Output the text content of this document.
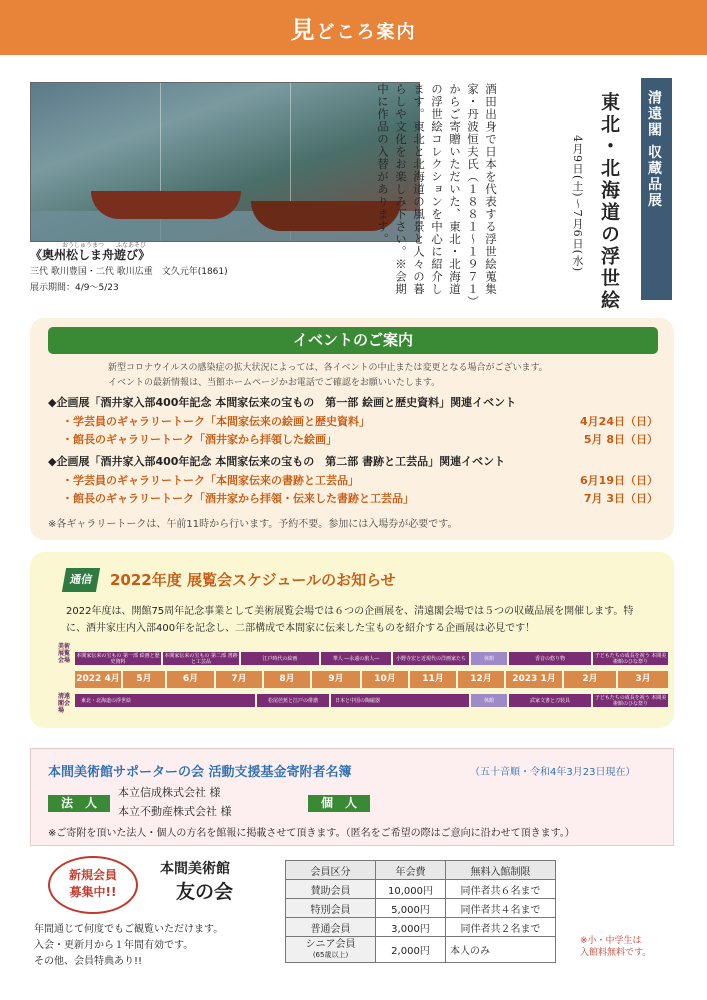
見どころ案内
おうしゅうまつ　　 ふなあそび
《奥州松しま舟遊び》
三代 歌川豊国・二代 歌川広重　文久元年(1861)
展示期間：4/9～5/23	酒田出身で日本を代表する浮世絵蒐集家・丹波恒夫氏（１８８１～１９７１）からご寄贈いただいた、東北・北海道の浮世絵コレクションを中心に紹介します。東北と北海道の風景と人々の暮らしや文化をお楽しみ下さい。※会期中に作品の入替があります。	東北・北海道の浮世絵
4月9日(土)～7月6日(水)	清遠閣 収蔵品展
イベントのご案内
新型コロナウイルスの感染症の拡大状況によっては、各イベントの中止または変更となる場合がございます。
イベントの最新情報は、当館ホームページかお電話でご確認をお願いいたします。
◆企画展「酒井家入部400年記念 本間家伝来の宝もの　第一部 絵画と歴史資料」関連イベント
・学芸員のギャラリートーク「本間家伝来の絵画と歴史資料」	4月24日（日）
・館長のギャラリートーク「酒井家から拝領した絵画」	5月 8日（日）
◆企画展「酒井家入部400年記念 本間家伝来の宝もの　第二部 書跡と工芸品」関連イベント
・学芸員のギャラリートーク「本間家伝来の書跡と工芸品」	6月19日（日）
・館長のギャラリートーク「酒井家から拝領・伝来した書跡と工芸品」	7月 3日（日）
※各ギャラリートークは、午前11時から行います。予約不要。参加には入場券が必要です。
通信	2022年度 展覧会スケジュールのお知らせ
2022年度は、開館75周年記念事業として美術展覧会場では６つの企画展を、清遠閣会場では５つの収蔵品展を開催します。特に、酒井家庄内入部400年を記念し、二部構成で本間家に伝来した宝ものを紹介する企画展は必見です！
美術展覧会場
清遠閣会場
本間家伝来の宝もの 第一部 絵画と歴史資料
本間家伝来の宝もの 第二部 書跡と工芸品	江戸時代の絵画	華人 ―永遠の旅人―	小野寺宏と近現代の洋画家たち	休館	香音の悠り物	子どもたちの成長を祝う 本間美術館のひな祭り
2022 4月	5月	6月	7月	8月	9月	10月	11月	12月	2023 1月	2月	3月
東北・北海道の浮世絵	松尾芭蕉と江戸の俳諧	日本と中国の陶磁器	休館	武家文書と刀装具	子どもたちの成長を祝う 本間美術館のひな祭り
本間美術館サポーターの会 活動支援基金寄附者名簿	（五十音順・令和4年3月23日現在）
法　人
本立信成株式会社 様
本立不動産株式会社 様
個　人
※ご寄附を頂いた法人・個人の方名を館報に掲載させて頂きます。（匿名をご希望の際はご意向に沿わせて頂きます。）
新規会員
募集中!!
本間美術館
友の会
年間通じて何度でもご観覧いただけます。
入会・更新月から１年間有効です。
その他、会員特典あり!!
会員区分	年会費	無料入館制限
賛助会員	10,000円	同伴者共６名まで
特別会員	5,000円	同伴者共４名まで
普通会員	3,000円	同伴者共２名まで

シニア会員
(65歳以上)	2,000円	本人のみ
※小・中学生は
入館料無料です。
